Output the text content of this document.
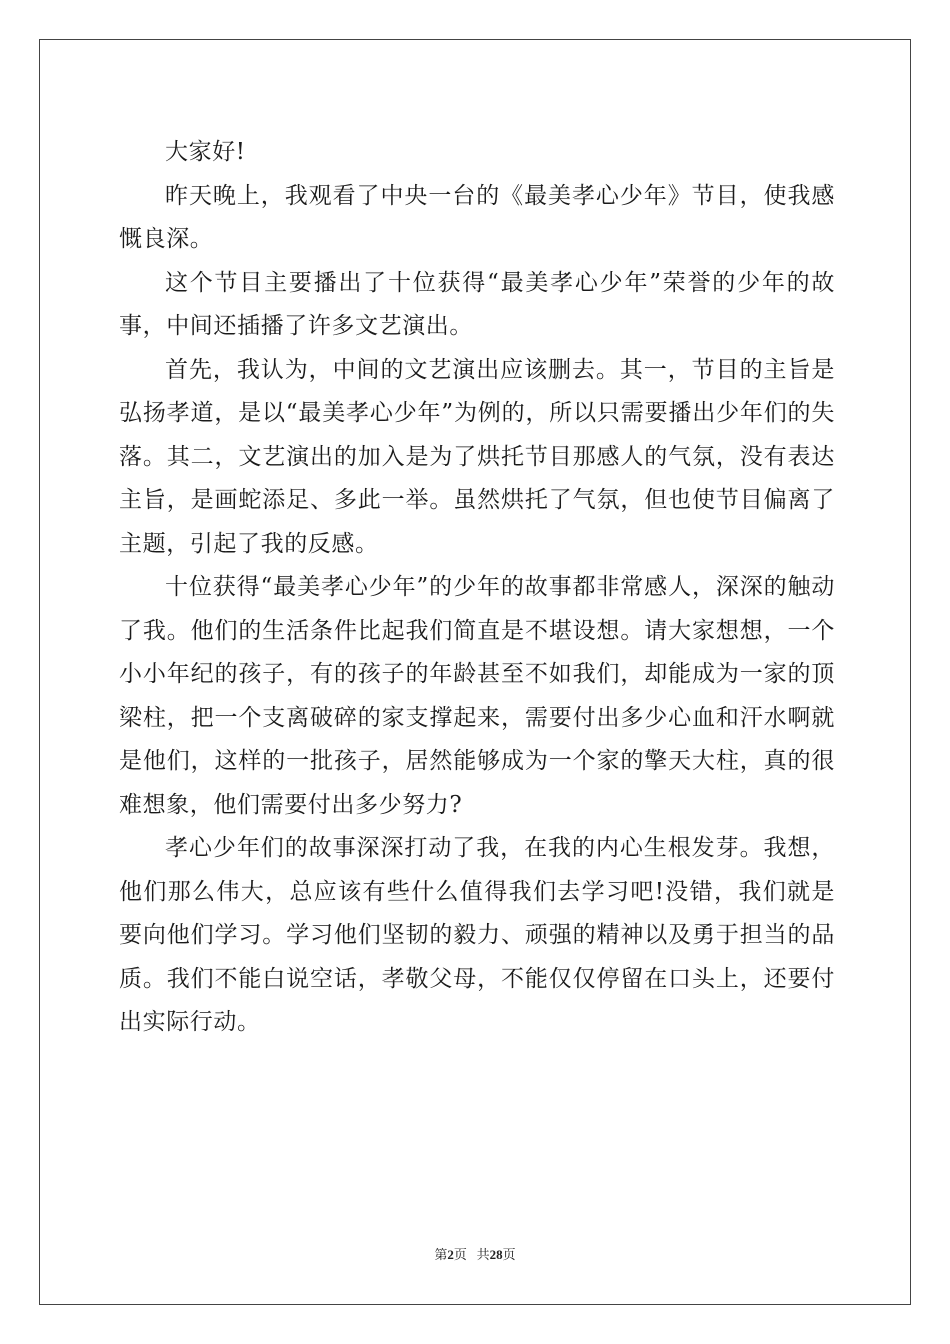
大家好!

昨天晚上，我观看了中央一台的《最美孝心少年》节目，使我感慨良深。

这个节目主要播出了十位获得“最美孝心少年”荣誉的少年的故事，中间还插播了许多文艺演出。

首先，我认为，中间的文艺演出应该删去。其一，节目的主旨是弘扬孝道，是以“最美孝心少年”为例的，所以只需要播出少年们的失落。其二，文艺演出的加入是为了烘托节目那感人的气氛，没有表达主旨，是画蛇添足、多此一举。虽然烘托了气氛，但也使节目偏离了主题，引起了我的反感。

十位获得“最美孝心少年”的少年的故事都非常感人，深深的触动了我。他们的生活条件比起我们简直是不堪设想。请大家想想，一个小小年纪的孩子，有的孩子的年龄甚至不如我们，却能成为一家的顶梁柱，把一个支离破碎的家支撑起来，需要付出多少心血和汗水啊就是他们，这样的一批孩子，居然能够成为一个家的擎天大柱，真的很难想象，他们需要付出多少努力?

孝心少年们的故事深深打动了我，在我的内心生根发芽。我想，他们那么伟大，总应该有些什么值得我们去学习吧!没错，我们就是要向他们学习。学习他们坚韧的毅力、顽强的精神以及勇于担当的品质。我们不能白说空话，孝敬父母，不能仅仅停留在口头上，还要付出实际行动。

第2页 共28页
